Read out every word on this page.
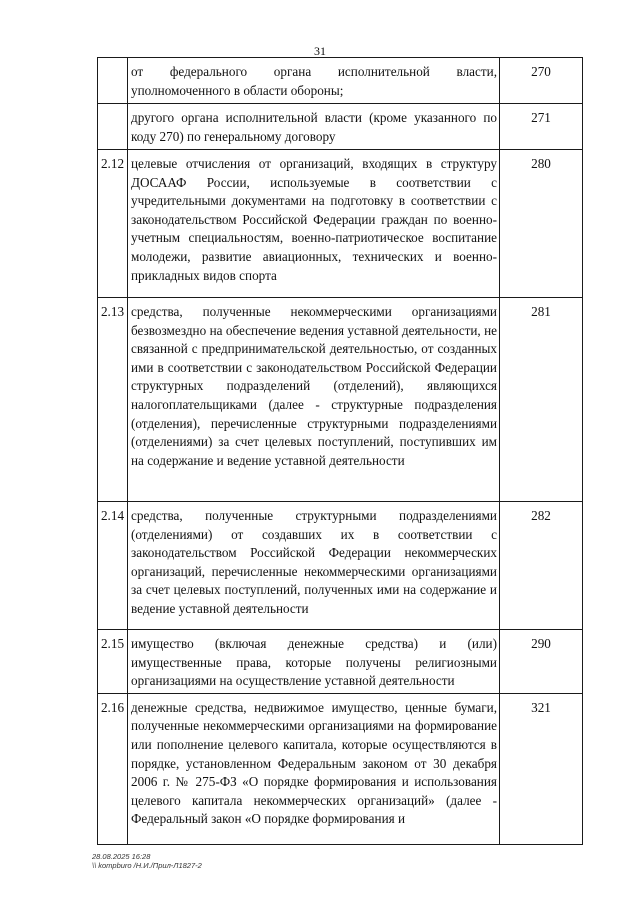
31
	от федерального органа исполнительной власти, уполномоченного в области обороны;	270
	другого органа исполнительной власти (кроме указанного по коду 270) по генеральному договору	271
2.12	целевые отчисления от организаций, входящих в структуру ДОСААФ России, используемые в соответствии с учредительными документами на подготовку в соответствии с законодательством Российской Федерации граждан по военно-учетным специальностям, военно-патриотическое воспитание молодежи, развитие авиационных, технических и военно-прикладных видов спорта	280
2.13	средства, полученные некоммерческими организациями безвозмездно на обеспечение ведения уставной деятельности, не связанной с предпринимательской деятельностью, от созданных ими в соответствии с законодательством Российской Федерации структурных подразделений (отделений), являющихся налогоплательщиками (далее - структурные подразделения (отделения), перечисленные структурными подразделениями (отделениями) за счет целевых поступлений, поступивших им на содержание и ведение уставной деятельности	281
2.14	средства, полученные структурными подразделениями (отделениями) от создавших их в соответствии с законодательством Российской Федерации некоммерческих организаций, перечисленные некоммерческими организациями за счет целевых поступлений, полученных ими на содержание и ведение уставной деятельности	282
2.15	имущество (включая денежные средства) и (или) имущественные права, которые получены религиозными организациями на осуществление уставной деятельности	290
2.16	денежные средства, недвижимое имущество, ценные бумаги, полученные некоммерческими организациями на формирование или пополнение целевого капитала, которые осуществляются в порядке, установленном Федеральным законом от 30 декабря 2006 г. № 275-ФЗ «О порядке формирования и использования целевого капитала некоммерческих организаций» (далее - Федеральный закон «О порядке формирования и	321
28.08.2025 16:28
\\ kompburo /Н.И./Прил-Л1827-2
